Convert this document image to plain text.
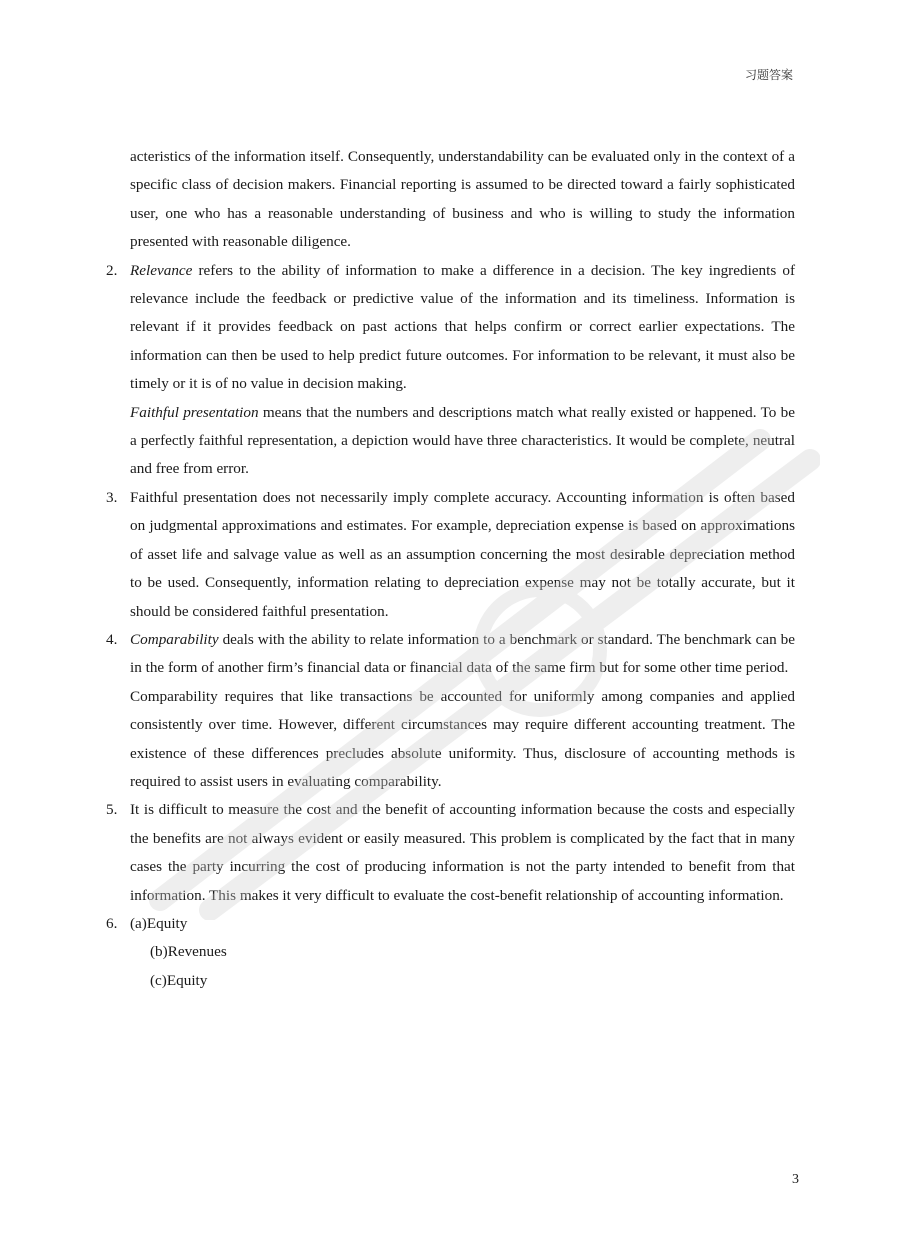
习题答案
acteristics of the information itself. Consequently, understandability can be evaluated only in the context of a specific class of decision makers. Financial reporting is assumed to be directed toward a fairly sophisticated user, one who has a reasonable understanding of business and who is willing to study the information presented with reasonable diligence.
2. Relevance refers to the ability of information to make a difference in a decision. The key ingredients of relevance include the feedback or predictive value of the information and its timeliness. Information is relevant if it provides feedback on past actions that helps confirm or correct earlier expectations. The information can then be used to help predict future outcomes. For information to be relevant, it must also be timely or it is of no value in decision making.
Faithful presentation means that the numbers and descriptions match what really existed or happened. To be a perfectly faithful representation, a depiction would have three characteristics. It would be complete, neutral and free from error.
3. Faithful presentation does not necessarily imply complete accuracy. Accounting information is often based on judgmental approximations and estimates. For example, depreciation expense is based on approximations of asset life and salvage value as well as an assumption concerning the most desirable depreciation method to be used. Consequently, information relating to depreciation expense may not be totally accurate, but it should be considered faithful presentation.
4. Comparability deals with the ability to relate information to a benchmark or standard. The benchmark can be in the form of another firm’s financial data or financial data of the same firm but for some other time period.
Comparability requires that like transactions be accounted for uniformly among companies and applied consistently over time. However, different circumstances may require different accounting treatment. The existence of these differences precludes absolute uniformity. Thus, disclosure of accounting methods is required to assist users in evaluating comparability.
5. It is difficult to measure the cost and the benefit of accounting information because the costs and especially the benefits are not always evident or easily measured. This problem is complicated by the fact that in many cases the party incurring the cost of producing information is not the party intended to benefit from that information. This makes it very difficult to evaluate the cost-benefit relationship of accounting information.
6. (a)Equity
(b)Revenues
(c)Equity
3
